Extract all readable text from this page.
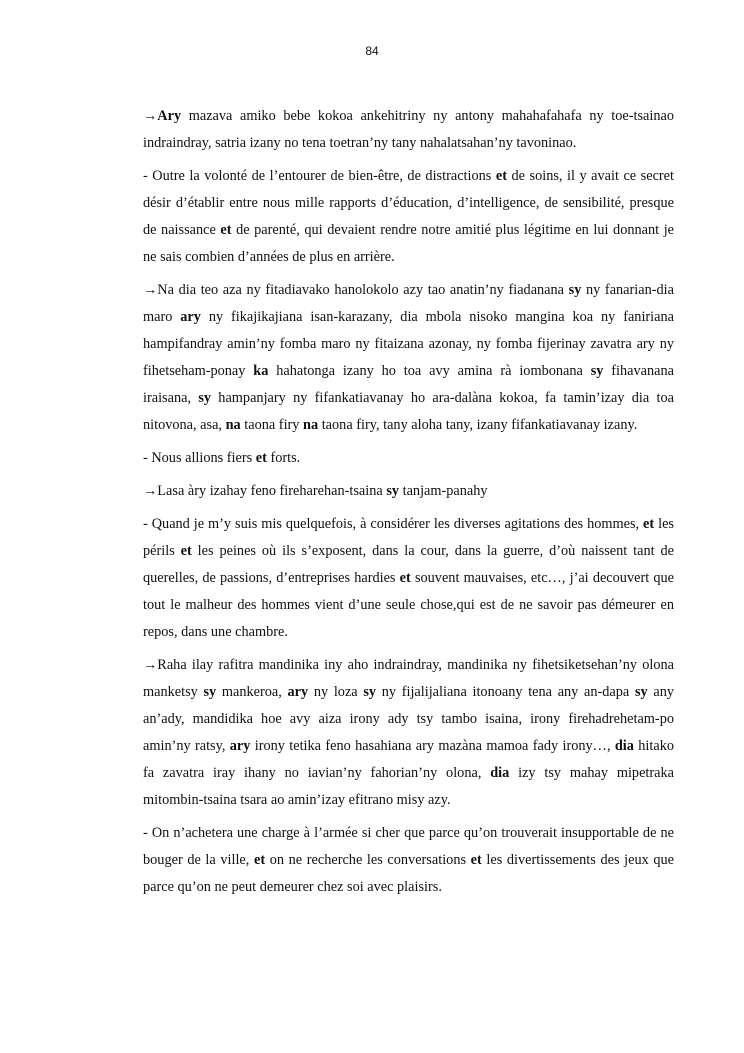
84

→Ary mazava amiko bebe kokoa ankehitriny ny antony mahahafahafa ny toe-tsainao indraindray, satria izany no tena toetran’ny tany nahalatsahan’ny tavoninao.

- Outre la volonté de l’entourer de bien-être, de distractions et de soins, il y avait ce secret désir d’établir entre nous mille rapports d’éducation, d’intelligence, de sensibilité, presque de naissance et de parenté, qui devaient rendre notre amitié plus légitime en lui donnant je ne sais combien d’années de plus en arrière.

→Na dia teo aza ny fitadiavako hanolokolo azy tao anatin’ny fiadanana sy ny fanarian-dia maro ary ny fikajikajiana isan-karazany, dia mbola nisoko mangina koa ny faniriana hampifandray amin’ny fomba maro ny fitaizana azonay, ny fomba fijerinay zavatra ary ny fihetseham-ponay ka hahatonga izany ho toa avy amina rà iombonana sy fihavanana iraisana, sy hampanjary ny fifankatiavanay ho ara-dalàna kokoa, fa tamin’izay dia toa nitovona, asa, na taona firy na taona firy, tany aloha tany, izany fifankatiavanay izany.

- Nous allions fiers et forts.

→Lasa àry izahay feno fireharehan-tsaina sy tanjam-panahy

- Quand je m’y suis mis quelquefois, à considérer les diverses agitations des hommes, et les périls et les peines où ils s’exposent, dans la cour, dans la guerre, d’où naissent tant de querelles, de passions, d’entreprises hardies et souvent mauvaises, etc…, j’ai decouvert que tout le malheur des hommes vient d’une seule chose,qui est de ne savoir pas démeurer en repos, dans une chambre.

→Raha ilay rafitra mandinika iny aho indraindray, mandinika ny fihetsiketsehan’ny olona manketsy sy mankeroa, ary ny loza sy ny fijalijaliana itonoany tena any an-dapa sy any an’ady, mandidika hoe avy aiza irony ady tsy tambo isaina, irony firehadrehetam-po amin’ny ratsy, ary irony tetika feno hasahiana ary mazàna mamoa fady irony…, dia hitako fa zavatra iray ihany no iavian’ny fahorian’ny olona, dia izy tsy mahay mipetraka mitombin-tsaina tsara ao amin’izay efitrano misy azy.

- On n’achetera une charge à l’armée si cher que parce qu’on trouverait insupportable de ne bouger de la ville, et on ne recherche les conversations et les divertissements des jeux que parce qu’on ne peut demeurer chez soi avec plaisirs.
